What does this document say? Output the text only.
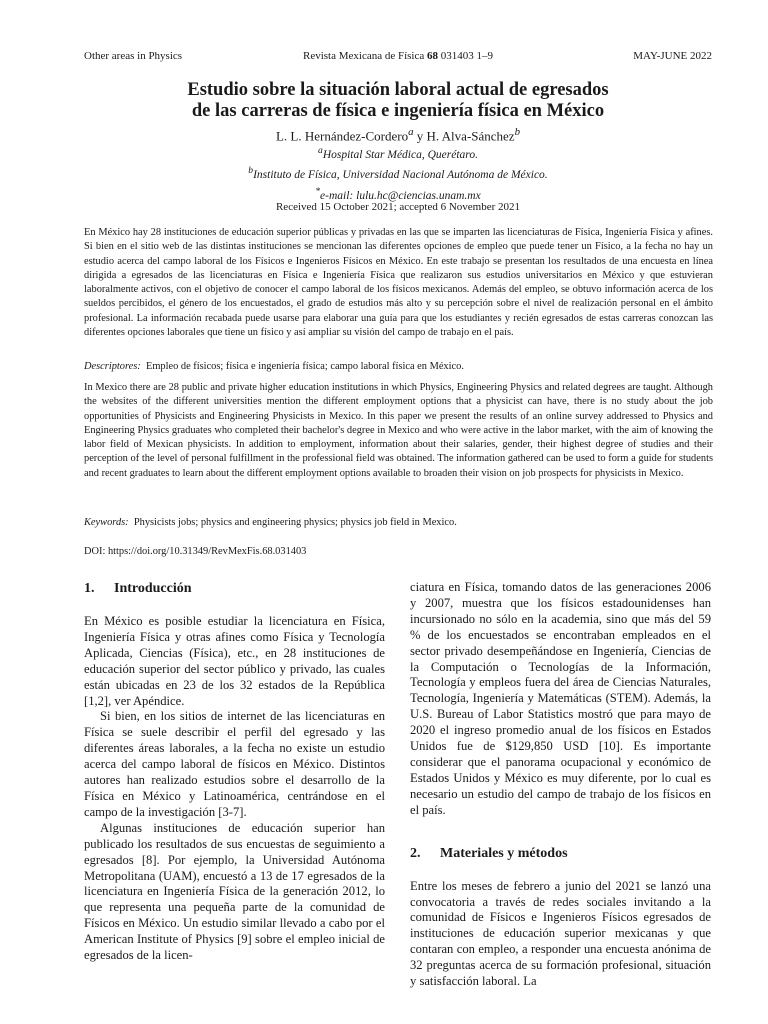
Other areas in Physics	Revista Mexicana de Física 68 031403 1–9	MAY-JUNE 2022
Estudio sobre la situación laboral actual de egresados
de las carreras de física e ingeniería física en México
L. L. Hernández-Cordero$^a$ y H. Alva-Sánchez$^b$
$^a$Hospital Star Médica, Querétaro.
$^b$Instituto de Física, Universidad Nacional Autónoma de México.
*e-mail: lulu.hc@ciencias.unam.mx
Received 15 October 2021; accepted 6 November 2021

En México hay 28 instituciones de educación superior públicas y privadas en las que se imparten las licenciaturas de Física, Ingeniería Física y afines. Si bien en el sitio web de las distintas instituciones se mencionan las diferentes opciones de empleo que puede tener un Físico, a la fecha no hay un estudio acerca del campo laboral de los Físicos e Ingenieros Físicos en México. En este trabajo se presentan los resultados de una encuesta en línea dirigida a egresados de las licenciaturas en Física e Ingeniería Física que realizaron sus estudios universitarios en México y que estuvieran laboralmente activos, con el objetivo de conocer el campo laboral de los físicos mexicanos. Además del empleo, se obtuvo información acerca de los sueldos percibidos, el género de los encuestados, el grado de estudios más alto y su percepción sobre el nivel de realización personal en el ámbito profesional. La información recabada puede usarse para elaborar una guía para que los estudiantes y recién egresados de estas carreras conozcan las diferentes opciones laborales que tiene un físico y así ampliar su visión del campo de trabajo en el país.

Descriptores: Empleo de físicos; física e ingeniería física; campo laboral física en México.

In Mexico there are 28 public and private higher education institutions in which Physics, Engineering Physics and related degrees are taught. Although the websites of the different universities mention the different employment options that a physicist can have, there is no study about the job opportunities of Physicists and Engineering Physicists in Mexico. In this paper we present the results of an online survey addressed to Physics and Engineering Physics graduates who completed their bachelor's degree in Mexico and who were active in the labor market, with the aim of knowing the labor field of Mexican physicists. In addition to employment, information about their salaries, gender, their highest degree of studies and their perception of the level of personal fulfillment in the professional field was obtained. The information gathered can be used to form a guide for students and recent graduates to learn about the different employment options available to broaden their vision on job prospects for physicists in Mexico.

Keywords: Physicists jobs; physics and engineering physics; physics job field in Mexico.

DOI: https://doi.org/10.31349/RevMexFis.68.031403

1. Introducción

En México es posible estudiar la licenciatura en Física, Ingeniería Física y otras afines como Física y Tecnología Aplicada, Ciencias (Física), etc., en 28 instituciones de educación superior del sector público y privado, las cuales están ubicadas en 23 de los 32 estados de la República [1,2], ver Apéndice.

Si bien, en los sitios de internet de las licenciaturas en Física se suele describir el perfil del egresado y las diferentes áreas laborales, a la fecha no existe un estudio acerca del campo laboral de físicos en México. Distintos autores han realizado estudios sobre el desarrollo de la Física en México y Latinoamérica, centrándose en el campo de la investigación [3-7].

Algunas instituciones de educación superior han publicado los resultados de sus encuestas de seguimiento a egresados [8]. Por ejemplo, la Universidad Autónoma Metropolitana (UAM), encuestó a 13 de 17 egresados de la licenciatura en Ingeniería Física de la generación 2012, lo que representa una pequeña parte de la comunidad de Físicos en México. Un estudio similar llevado a cabo por el American Institute of Physics [9] sobre el empleo inicial de egresados de la licen-

ciatura en Física, tomando datos de las generaciones 2006 y 2007, muestra que los físicos estadounidenses han incursionado no sólo en la academia, sino que más del 59 % de los encuestados se encontraban empleados en el sector privado desempeñándose en Ingeniería, Ciencias de la Computación o Tecnologías de la Información, Tecnología y empleos fuera del área de Ciencias Naturales, Tecnología, Ingeniería y Matemáticas (STEM). Además, la U.S. Bureau of Labor Statistics mostró que para mayo de 2020 el ingreso promedio anual de los físicos en Estados Unidos fue de $129,850 USD [10]. Es importante considerar que el panorama ocupacional y económico de Estados Unidos y México es muy diferente, por lo cual es necesario un estudio del campo de trabajo de los físicos en el país.

2. Materiales y métodos

Entre los meses de febrero a junio del 2021 se lanzó una convocatoria a través de redes sociales invitando a la comunidad de Físicos e Ingenieros Físicos egresados de instituciones de educación superior mexicanas y que contaran con empleo, a responder una encuesta anónima de 32 preguntas acerca de su formación profesional, situación y satisfacción laboral. La
